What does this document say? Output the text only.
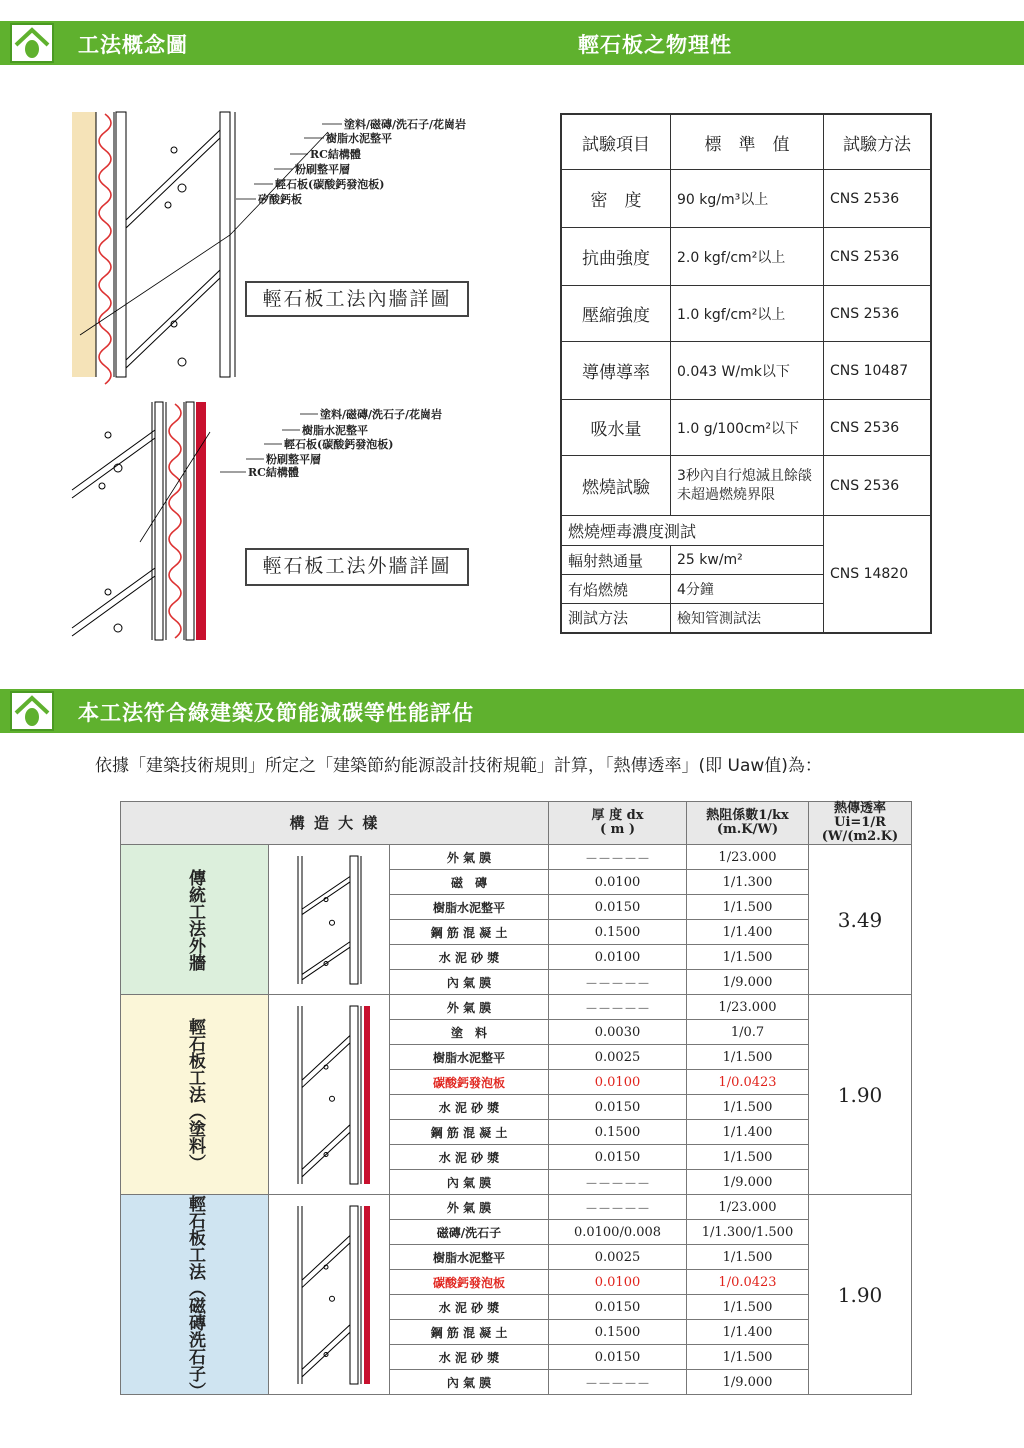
工法概念圖	輕石板之物理性
塗料/磁磚/洗石子/花崗岩
樹脂水泥整平
RC結構體
粉刷整平層
輕石板(碳酸鈣發泡板)
矽酸鈣板
輕石板工法內牆詳圖
塗料/磁磚/洗石子/花崗岩
樹脂水泥整平
輕石板(碳酸鈣發泡板)
粉刷整平層
RC結構體
輕石板工法外牆詳圖
試驗項目	標　準　值	試驗方法
密　度	90 kg/m³以上	CNS 2536
抗曲強度	2.0 kgf/cm²以上	CNS 2536
壓縮強度	1.0 kgf/cm²以上	CNS 2536
導傳導率	0.043 W/mk以下	CNS 10487
吸水量	1.0 g/100cm²以下	CNS 2536
燃燒試驗	3秒內自行熄滅且餘燄未超過燃燒界限	CNS 2536
燃燒煙毒濃度測試		CNS 14820
輻射熱通量	25 kw/m²	
有焰燃燒	4分鐘	
測試方法	檢知管測試法	
本工法符合綠建築及節能減碳等性能評估
依據「建築技術規則」所定之「建築節約能源設計技術規範」計算，「熱傳透率」(即 Uaw值)為：
構 造 大 樣			厚 度 dx
( m )	熱阻係數1/kx
(m.K/W)	熱傳透率 Ui=1/R
(W/(m2.K)

傳統工法外牆		外 氣 膜	－－－－－	1/23.000	3.49
		磁　磚	0.0100	1/1.300	
		樹脂水泥整平	0.0150	1/1.500	
		鋼 筋 混 凝 土	0.1500	1/1.400	
		水 泥 砂 漿	0.0100	1/1.500	
		內 氣 膜	－－－－－	1/9.000	

輕石板工法（塗料）		外 氣 膜	－－－－－	1/23.000	1.90
		塗　料	0.0030	1/0.7	
		樹脂水泥整平	0.0025	1/1.500	
		碳酸鈣發泡板	0.0100	1/0.0423	
		水 泥 砂 漿	0.0150	1/1.500	
		鋼 筋 混 凝 土	0.1500	1/1.400	
		水 泥 砂 漿	0.0150	1/1.500	
		內 氣 膜	－－－－－	1/9.000	

輕石板工法（磁磚洗石子）		外 氣 膜	－－－－－	1/23.000	1.90
		磁磚/洗石子	0.0100/0.008	1/1.300/1.500	
		樹脂水泥整平	0.0025	1/1.500	
		碳酸鈣發泡板	0.0100	1/0.0423	
		水 泥 砂 漿	0.0150	1/1.500	
		鋼 筋 混 凝 土	0.1500	1/1.400	
		水 泥 砂 漿	0.0150	1/1.500	
		內 氣 膜	－－－－－	1/9.000	
